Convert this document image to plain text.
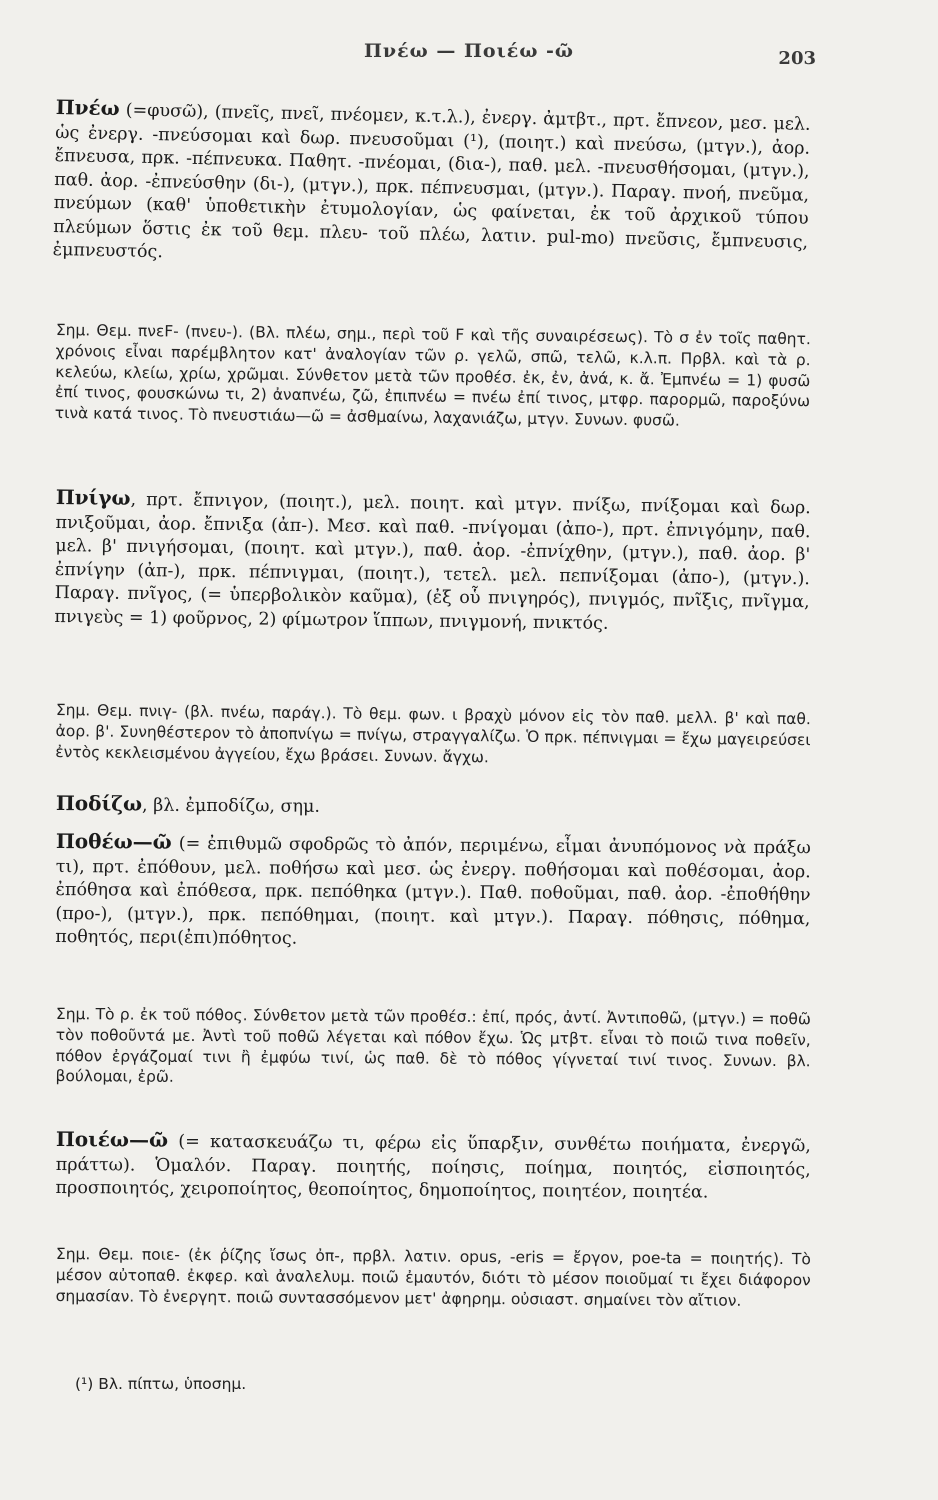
Πνέω — Ποιέω -ῶ	203

Πνέω (=φυσῶ), (πνεῖς, πνεῖ, πνέομεν, κ.τ.λ.), ἐνεργ. ἀμτβτ., πρτ. ἔπνεον, μεσ. μελ. ὡς ἐνεργ. -πνεύσομαι καὶ δωρ. πνευσοῦμαι (¹), (ποιητ.) καὶ πνεύσω, (μτγν.), ἀορ. ἔπνευσα, πρκ. -πέπνευκα. Παθητ. -πνέομαι, (δια-), παθ. μελ. -πνευσθήσομαι, (μτγν.), παθ. ἀορ. -ἐπνεύσθην (δι-), (μτγν.), πρκ. πέπνευσμαι, (μτγν.). Παραγ. πνοή, πνεῦμα, πνεύμων (καθ' ὑποθετικὴν ἐτυμολογίαν, ὡς φαίνεται, ἐκ τοῦ ἀρχικοῦ τύπου πλεύμων ὅστις ἐκ τοῦ θεμ. πλευ- τοῦ πλέω, λατιν. pul-mo) πνεῦσις, ἔμπνευσις, ἐμπνευστός.

Σημ. Θεμ. πνεϜ- (πνευ-). (Βλ. πλέω, σημ., περὶ τοῦ Ϝ καὶ τῆς συναιρέσεως). Τὸ σ ἐν τοῖς παθητ. χρόνοις εἶναι παρέμβλητον κατ' ἀναλογίαν τῶν ρ. γελῶ, σπῶ, τελῶ, κ.λ.π. Πρβλ. καὶ τὰ ρ. κελεύω, κλείω, χρίω, χρῶμαι. Σύνθετον μετὰ τῶν προθέσ. ἐκ, ἐν, ἀνά, κ. ἄ. Ἐμπνέω = 1) φυσῶ ἐπί τινος, φουσκώνω τι, 2) ἀναπνέω, ζῶ, ἐπιπνέω = πνέω ἐπί τινος, μτφρ. παρορμῶ, παροξύνω τινὰ κατά τινος. Τὸ πνευστιάω—ῶ = ἀσθμαίνω, λαχανιάζω, μτγν. Συνων. φυσῶ.

Πνίγω, πρτ. ἔπνιγον, (ποιητ.), μελ. ποιητ. καὶ μτγν. πνίξω, πνίξομαι καὶ δωρ. πνιξοῦμαι, ἀορ. ἔπνιξα (ἀπ-). Μεσ. καὶ παθ. -πνίγομαι (ἀπο-), πρτ. ἐπνιγόμην, παθ. μελ. β' πνιγήσομαι, (ποιητ. καὶ μτγν.), παθ. ἀορ. -ἐπνίχθην, (μτγν.), παθ. ἀορ. β' ἐπνίγην (ἀπ-), πρκ. πέπνιγμαι, (ποιητ.), τετελ. μελ. πεπνίξομαι (ἀπο-), (μτγν.). Παραγ. πνῖγος, (= ὑπερβολικὸν καῦμα), (ἐξ οὗ πνιγηρός), πνιγμός, πνῖξις, πνῖγμα, πνιγεὺς = 1) φοῦρνος, 2) φίμωτρον ἵππων, πνιγμονή, πνικτός.

Σημ. Θεμ. πνιγ- (βλ. πνέω, παράγ.). Τὸ θεμ. φων. ι βραχὺ μόνον εἰς τὸν παθ. μελλ. β' καὶ παθ. ἀορ. β'. Συνηθέστερον τὸ ἀποπνίγω = πνίγω, στραγγαλίζω. Ὁ πρκ. πέπνιγμαι = ἔχω μαγειρεύσει ἐντὸς κεκλεισμένου ἀγγείου, ἔχω βράσει. Συνων. ἄγχω.

Ποδίζω, βλ. ἐμποδίζω, σημ.

Ποθέω—ῶ (= ἐπιθυμῶ σφοδρῶς τὸ ἀπόν, περιμένω, εἶμαι ἀνυπόμονος νὰ πράξω τι), πρτ. ἐπόθουν, μελ. ποθήσω καὶ μεσ. ὡς ἐνεργ. ποθήσομαι καὶ ποθέσομαι, ἀορ. ἐπόθησα καὶ ἐπόθεσα, πρκ. πεπόθηκα (μτγν.). Παθ. ποθοῦμαι, παθ. ἀορ. -ἐποθήθην (προ-), (μτγν.), πρκ. πεπόθημαι, (ποιητ. καὶ μτγν.). Παραγ. πόθησις, πόθημα, ποθητός, περι(ἐπι)πόθητος.

Σημ. Τὸ ρ. ἐκ τοῦ πόθος. Σύνθετον μετὰ τῶν προθέσ.: ἐπί, πρός, ἀντί. Ἀντιποθῶ, (μτγν.) = ποθῶ τὸν ποθοῦντά με. Ἀντὶ τοῦ ποθῶ λέγεται καὶ πόθον ἔχω. Ὡς μτβτ. εἶναι τὸ ποιῶ τινα ποθεῖν, πόθον ἐργάζομαί τινι ἢ ἐμφύω τινί, ὡς παθ. δὲ τὸ πόθος γίγνεταί τινί τινος. Συνων. βλ. βούλομαι, ἐρῶ.

Ποιέω—ῶ (= κατασκευάζω τι, φέρω εἰς ὕπαρξιν, συνθέτω ποιήματα, ἐνεργῶ, πράττω). Ὁμαλόν. Παραγ. ποιητής, ποίησις, ποίημα, ποιητός, εἰσποιητός, προσποιητός, χειροποίητος, θεοποίητος, δημοποίητος, ποιητέον, ποιητέα.

Σημ. Θεμ. ποιε- (ἐκ ῥίζης ἴσως ὀπ-, πρβλ. λατιν. opus, -eris = ἔργον, poe-ta = ποιητής). Τὸ μέσον αὐτοπαθ. ἐκφερ. καὶ ἀναλελυμ. ποιῶ ἐμαυτόν, διότι τὸ μέσον ποιοῦμαί τι ἔχει διάφορον σημασίαν. Τὸ ἐνεργητ. ποιῶ συντασσόμενον μετ' ἀφηρημ. οὐσιαστ. σημαίνει τὸν αἴτιον.

(¹) Βλ. πίπτω, ὑποσημ.
